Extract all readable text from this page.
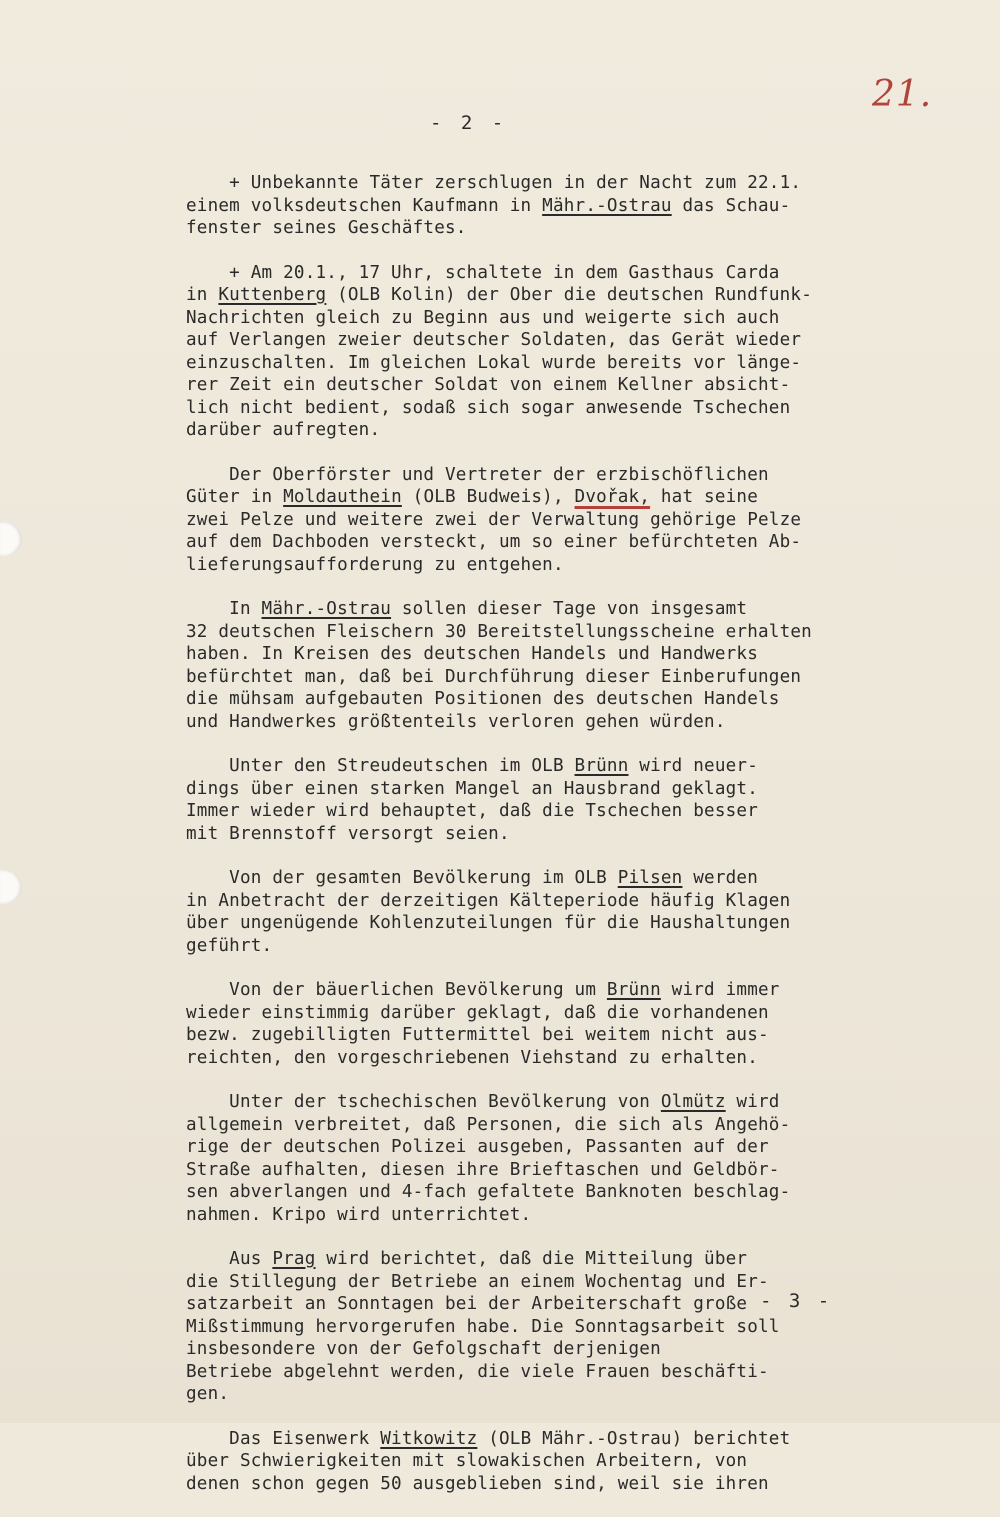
21.
- 2 -
+ Unbekannte Täter zerschlugen in der Nacht zum 22.1.
einem volksdeutschen Kaufmann in Mähr.-Ostrau das Schau-
fenster seines Geschäftes.
+ Am 20.1., 17 Uhr, schaltete in dem Gasthaus Carda
in Kuttenberg (OLB Kolin) der Ober die deutschen Rundfunk-
Nachrichten gleich zu Beginn aus und weigerte sich auch
auf Verlangen zweier deutscher Soldaten, das Gerät wieder
einzuschalten. Im gleichen Lokal wurde bereits vor länge-
rer Zeit ein deutscher Soldat von einem Kellner absicht-
lich nicht bedient, sodaß sich sogar anwesende Tschechen
darüber aufregten.
Der Oberförster und Vertreter der erzbischöflichen
Güter in Moldauthein (OLB Budweis), Dvořak, hat seine
zwei Pelze und weitere zwei der Verwaltung gehörige Pelze
auf dem Dachboden versteckt, um so einer befürchteten Ab-
lieferungsaufforderung zu entgehen.
In Mähr.-Ostrau sollen dieser Tage von insgesamt
32 deutschen Fleischern 30 Bereitstellungsscheine erhalten
haben. In Kreisen des deutschen Handels und Handwerks
befürchtet man, daß bei Durchführung dieser Einberufungen
die mühsam aufgebauten Positionen des deutschen Handels
und Handwerkes größtenteils verloren gehen würden.
Unter den Streudeutschen im OLB Brünn wird neuer-
dings über einen starken Mangel an Hausbrand geklagt.
Immer wieder wird behauptet, daß die Tschechen besser
mit Brennstoff versorgt seien.
Von der gesamten Bevölkerung im OLB Pilsen werden
in Anbetracht der derzeitigen Kälteperiode häufig Klagen
über ungenügende Kohlenzuteilungen für die Haushaltungen
geführt.
Von der bäuerlichen Bevölkerung um Brünn wird immer
wieder einstimmig darüber geklagt, daß die vorhandenen
bezw. zugebilligten Futtermittel bei weitem nicht aus-
reichten, den vorgeschriebenen Viehstand zu erhalten.
Unter der tschechischen Bevölkerung von Olmütz wird
allgemein verbreitet, daß Personen, die sich als Angehö-
rige der deutschen Polizei ausgeben, Passanten auf der
Straße aufhalten, diesen ihre Brieftaschen und Geldbör-
sen abverlangen und 4-fach gefaltete Banknoten beschlag-
nahmen. Kripo wird unterrichtet.
Aus Prag wird berichtet, daß die Mitteilung über
die Stillegung der Betriebe an einem Wochentag und Er-
satzarbeit an Sonntagen bei der Arbeiterschaft große
Mißstimmung hervorgerufen habe. Die Sonntagsarbeit soll
insbesondere von der Gefolgschaft derjenigen
Betriebe abgelehnt werden, die viele Frauen beschäfti-
gen.
Das Eisenwerk Witkowitz (OLB Mähr.-Ostrau) berichtet
über Schwierigkeiten mit slowakischen Arbeitern, von
denen schon gegen 50 ausgeblieben sind, weil sie ihren
- 3 -
